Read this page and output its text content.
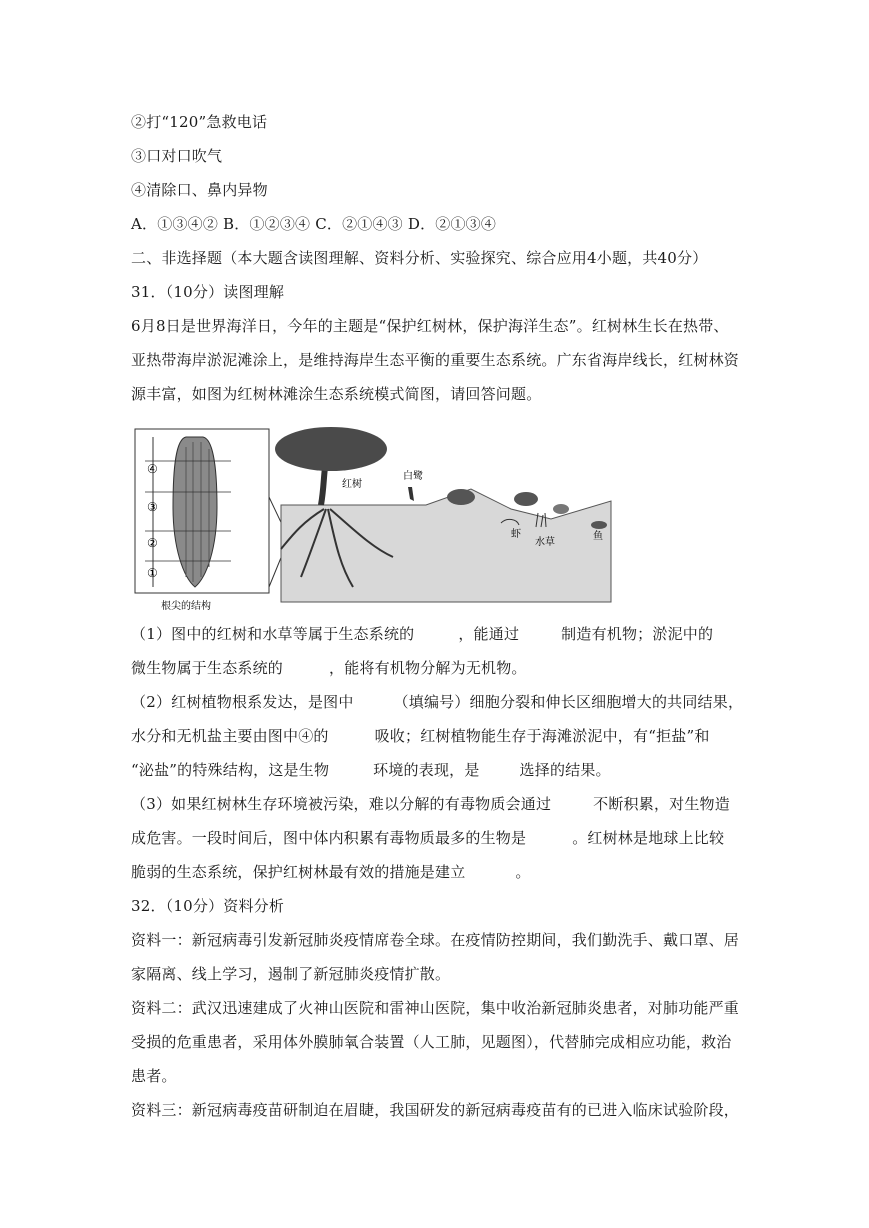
②打“120”急救电话
③口对口吹气
④清除口、鼻内异物
A．①③④② B．①②③④ C．②①④③ D．②①③④
二、非选择题（本大题含读图理解、资料分析、实验探究、综合应用4小题，共40分）
31．（10分）读图理解
6月8日是世界海洋日，今年的主题是“保护红树林，保护海洋生态”。红树林生长在热带、
亚热带海岸淤泥滩涂上，是维持海岸生态平衡的重要生态系统。广东省海岸线长，红树林资
源丰富，如图为红树林滩涂生态系统模式简图，请回答问题。
④
③
②
①
根尖的结构
红树
白鹭
虾
水草
鱼
（1）图中的红树和水草等属于生态系统的	，能通过	制造有机物；淤泥中的
微生物属于生态系统的	，能将有机物分解为无机物。
（2）红树植物根系发达，是图中	（填编号）细胞分裂和伸长区细胞增大的共同结果，
水分和无机盐主要由图中④的	吸收；红树植物能生存于海滩淤泥中，有“拒盐”和
“泌盐”的特殊结构，这是生物	环境的表现，是	选择的结果。
（3）如果红树林生存环境被污染，难以分解的有毒物质会通过	不断积累，对生物造
成危害。一段时间后，图中体内积累有毒物质最多的生物是	。红树林是地球上比较
脆弱的生态系统，保护红树林最有效的措施是建立	。
32．（10分）资料分析
资料一：新冠病毒引发新冠肺炎疫情席卷全球。在疫情防控期间，我们勤洗手、戴口罩、居
家隔离、线上学习，遏制了新冠肺炎疫情扩散。
资料二：武汉迅速建成了火神山医院和雷神山医院，集中收治新冠肺炎患者，对肺功能严重
受损的危重患者，采用体外膜肺氧合装置（人工肺，见题图），代替肺完成相应功能，救治
患者。
资料三：新冠病毒疫苗研制迫在眉睫，我国研发的新冠病毒疫苗有的已进入临床试验阶段，
